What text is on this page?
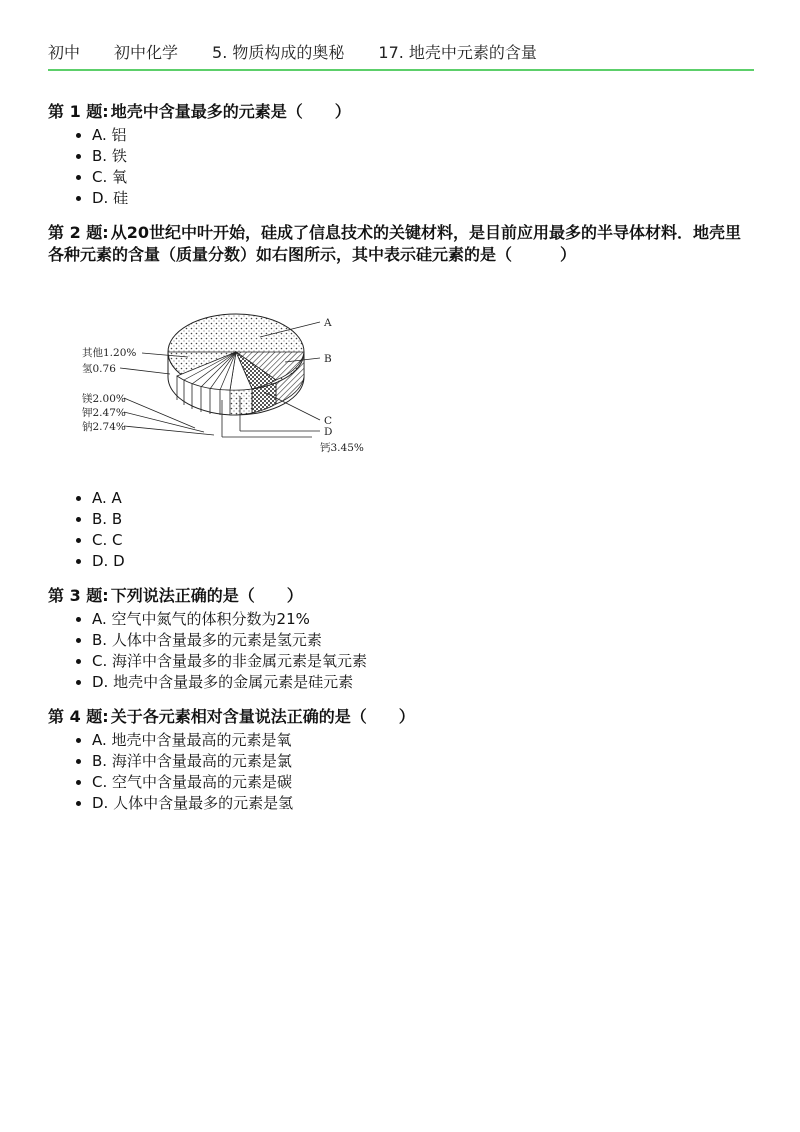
初中 初中化学 5. 物质构成的奥秘 17. 地壳中元素的含量

第 1 题: 地壳中含量最多的元素是（　　）

• A. 铝
• B. 铁
• C. 氧
• D. 硅

第 2 题: 从20世纪中叶开始，硅成了信息技术的关键材料，是目前应用最多的半导体材料．地壳里各种元素的含量（质量分数）如右图所示，其中表示硅元素的是（　　　）

A
B
C
D
钙3.45%
其他1.20%
氢0.76
镁2.00%
钾2.47%
钠2.74%
• A. A
• B. B
• C. C
• D. D

第 3 题: 下列说法正确的是（　　）

• A. 空气中氮气的体积分数为21%
• B. 人体中含量最多的元素是氢元素
• C. 海洋中含量最多的非金属元素是氧元素
• D. 地壳中含量最多的金属元素是硅元素

第 4 题: 关于各元素相对含量说法正确的是（　　）

• A. 地壳中含量最高的元素是氧
• B. 海洋中含量最高的元素是氯
• C. 空气中含量最高的元素是碳
• D. 人体中含量最多的元素是氢
